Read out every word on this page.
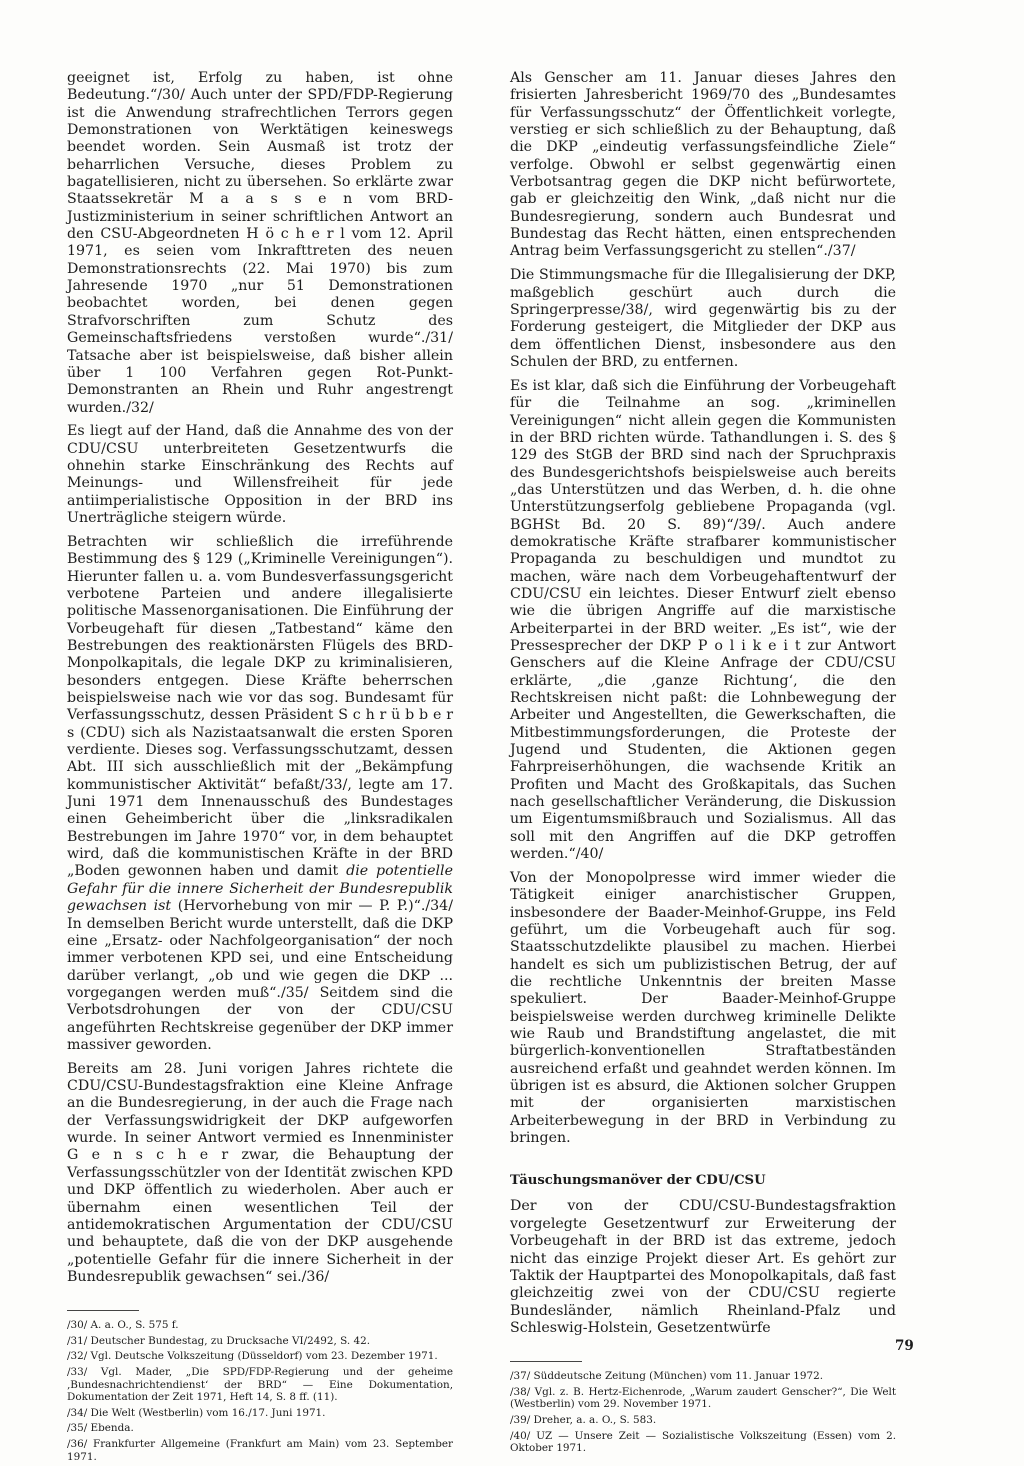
geeignet ist, Erfolg zu haben, ist ohne Bedeutung.“/30/ Auch unter der SPD/FDP-Regierung ist die Anwendung strafrechtlichen Terrors gegen Demonstrationen von Werktätigen keineswegs beendet worden. Sein Ausmaß ist trotz der beharrlichen Versuche, dieses Problem zu bagatellisieren, nicht zu übersehen. So erklärte zwar Staatssekretär M a a s s e n vom BRD-Justizministerium in seiner schriftlichen Antwort an den CSU-Abgeordneten H ö c h e r l vom 12. April 1971, es seien vom Inkrafttreten des neuen Demonstrationsrechts (22. Mai 1970) bis zum Jahresende 1970 „nur 51 Demonstrationen beobachtet worden, bei denen gegen Strafvorschriften zum Schutz des Gemeinschaftsfriedens verstoßen wurde“./31/ Tatsache aber ist beispielsweise, daß bisher allein über 1 100 Verfahren gegen Rot-Punkt-Demonstranten an Rhein und Ruhr angestrengt wurden./32/

Es liegt auf der Hand, daß die Annahme des von der CDU/CSU unterbreiteten Gesetzentwurfs die ohnehin starke Einschränkung des Rechts auf Meinungs- und Willensfreiheit für jede antiimperialistische Opposition in der BRD ins Unerträgliche steigern würde.

Betrachten wir schließlich die irreführende Bestimmung des § 129 („Kriminelle Vereinigungen“). Hierunter fallen u. a. vom Bundesverfassungsgericht verbotene Parteien und andere illegalisierte politische Massenorganisationen. Die Einführung der Vorbeugehaft für diesen „Tatbestand“ käme den Bestrebungen des reaktionärsten Flügels des BRD-Monpolkapitals, die legale DKP zu kriminalisieren, besonders entgegen. Diese Kräfte beherrschen beispielsweise nach wie vor das sog. Bundesamt für Verfassungsschutz, dessen Präsident S c h r ü b b e r s (CDU) sich als Nazistaatsanwalt die ersten Sporen verdiente. Dieses sog. Verfassungsschutzamt, dessen Abt. III sich ausschließlich mit der „Bekämpfung kommunistischer Aktivität“ befaßt/33/, legte am 17. Juni 1971 dem Innenausschuß des Bundestages einen Geheimbericht über die „linksradikalen Bestrebungen im Jahre 1970“ vor, in dem behauptet wird, daß die kommunistischen Kräfte in der BRD „Boden gewonnen haben und damit die potentielle Gefahr für die innere Sicherheit der Bundesrepublik gewachsen ist (Hervorhebung von mir — P. P.)“./34/ In demselben Bericht wurde unterstellt, daß die DKP eine „Ersatz- oder Nachfolgeorganisation“ der noch immer verbotenen KPD sei, und eine Entscheidung darüber verlangt, „ob und wie gegen die DKP ... vorgegangen werden muß“./35/ Seitdem sind die Verbotsdrohungen der von der CDU/CSU angeführten Rechtskreise gegenüber der DKP immer massiver geworden.

Bereits am 28. Juni vorigen Jahres richtete die CDU/CSU-Bundestagsfraktion eine Kleine Anfrage an die Bundesregierung, in der auch die Frage nach der Verfassungswidrigkeit der DKP aufgeworfen wurde. In seiner Antwort vermied es Innenminister G e n s c h e r zwar, die Behauptung der Verfassungsschützler von der Identität zwischen KPD und DKP öffentlich zu wiederholen. Aber auch er übernahm einen wesentlichen Teil der antidemokratischen Argumentation der CDU/CSU und behauptete, daß die von der DKP ausgehende „potentielle Gefahr für die innere Sicherheit in der Bundesrepublik gewachsen“ sei./36/

/30/ A. a. O., S. 575 f.

/31/ Deutscher Bundestag, zu Drucksache VI/2492, S. 42.

/32/ Vgl. Deutsche Volkszeitung (Düsseldorf) vom 23. Dezember 1971.

/33/ Vgl. Mader, „Die SPD/FDP-Regierung und der geheime ‚Bundesnachrichtendienst‘ der BRD“ — Eine Dokumentation, Dokumentation der Zeit 1971, Heft 14, S. 8 ff. (11).

/34/ Die Welt (Westberlin) vom 16./17. Juni 1971.

/35/ Ebenda.

/36/ Frankfurter Allgemeine (Frankfurt am Main) vom 23. September 1971.

Als Genscher am 11. Januar dieses Jahres den frisierten Jahresbericht 1969/70 des „Bundesamtes für Verfassungsschutz“ der Öffentlichkeit vorlegte, verstieg er sich schließlich zu der Behauptung, daß die DKP „eindeutig verfassungsfeindliche Ziele“ verfolge. Obwohl er selbst gegenwärtig einen Verbotsantrag gegen die DKP nicht befürwortete, gab er gleichzeitig den Wink, „daß nicht nur die Bundesregierung, sondern auch Bundesrat und Bundestag das Recht hätten, einen entsprechenden Antrag beim Verfassungsgericht zu stellen“./37/

Die Stimmungsmache für die Illegalisierung der DKP, maßgeblich geschürt auch durch die Springerpresse/38/, wird gegenwärtig bis zu der Forderung gesteigert, die Mitglieder der DKP aus dem öffentlichen Dienst, insbesondere aus den Schulen der BRD, zu entfernen.

Es ist klar, daß sich die Einführung der Vorbeugehaft für die Teilnahme an sog. „kriminellen Vereinigungen“ nicht allein gegen die Kommunisten in der BRD richten würde. Tathandlungen i. S. des § 129 des StGB der BRD sind nach der Spruchpraxis des Bundesgerichtshofs beispielsweise auch bereits „das Unterstützen und das Werben, d. h. die ohne Unterstützungserfolg gebliebene Propaganda (vgl. BGHSt Bd. 20 S. 89)“/39/. Auch andere demokratische Kräfte strafbarer kommunistischer Propaganda zu beschuldigen und mundtot zu machen, wäre nach dem Vorbeugehaftentwurf der CDU/CSU ein leichtes. Dieser Entwurf zielt ebenso wie die übrigen Angriffe auf die marxistische Arbeiterpartei in der BRD weiter. „Es ist“, wie der Pressesprecher der DKP P o l i k e i t zur Antwort Genschers auf die Kleine Anfrage der CDU/CSU erklärte, „die ‚ganze Richtung‘, die den Rechtskreisen nicht paßt: die Lohnbewegung der Arbeiter und Angestellten, die Gewerkschaften, die Mitbestimmungsforderungen, die Proteste der Jugend und Studenten, die Aktionen gegen Fahrpreiserhöhungen, die wachsende Kritik an Profiten und Macht des Großkapitals, das Suchen nach gesellschaftlicher Veränderung, die Diskussion um Eigentumsmißbrauch und Sozialismus. All das soll mit den Angriffen auf die DKP getroffen werden.“/40/

Von der Monopolpresse wird immer wieder die Tätigkeit einiger anarchistischer Gruppen, insbesondere der Baader-Meinhof-Gruppe, ins Feld geführt, um die Vorbeugehaft auch für sog. Staatsschutzdelikte plausibel zu machen. Hierbei handelt es sich um publizistischen Betrug, der auf die rechtliche Unkenntnis der breiten Masse spekuliert. Der Baader-Meinhof-Gruppe beispielsweise werden durchweg kriminelle Delikte wie Raub und Brandstiftung angelastet, die mit bürgerlich-konventionellen Straftatbeständen ausreichend erfaßt und geahndet werden können. Im übrigen ist es absurd, die Aktionen solcher Gruppen mit der organisierten marxistischen Arbeiterbewegung in der BRD in Verbindung zu bringen.

Täuschungsmanöver der CDU/CSU

Der von der CDU/CSU-Bundestagsfraktion vorgelegte Gesetzentwurf zur Erweiterung der Vorbeugehaft in der BRD ist das extreme, jedoch nicht das einzige Projekt dieser Art. Es gehört zur Taktik der Hauptpartei des Monopolkapitals, daß fast gleichzeitig zwei von der CDU/CSU regierte Bundesländer, nämlich Rheinland-Pfalz und Schleswig-Holstein, Gesetzentwürfe

/37/ Süddeutsche Zeitung (München) vom 11. Januar 1972.

/38/ Vgl. z. B. Hertz-Eichenrode, „Warum zaudert Genscher?“, Die Welt (Westberlin) vom 29. November 1971.

/39/ Dreher, a. a. O., S. 583.

/40/ UZ — Unsere Zeit — Sozialistische Volkszeitung (Essen) vom 2. Oktober 1971.

79
